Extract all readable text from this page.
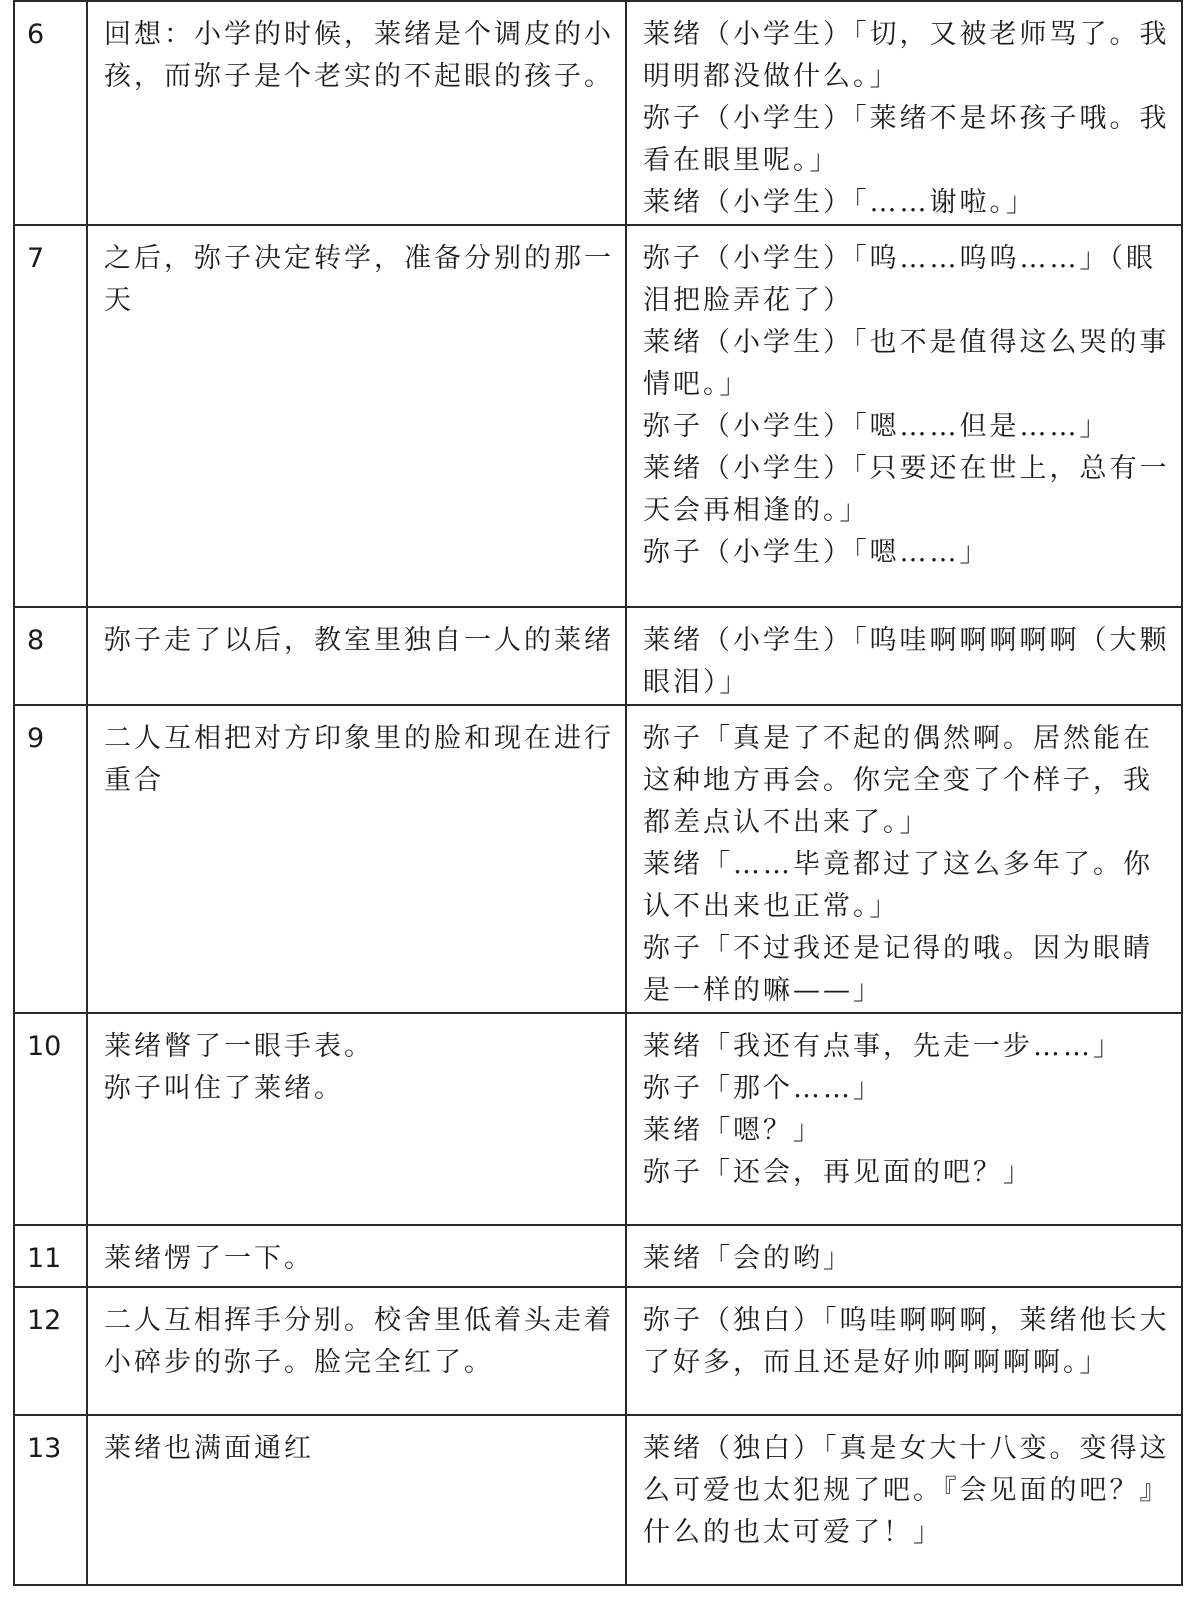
6	回想：小学的时候，莱绪是个调皮的小孩，而弥子是个老实的不起眼的孩子。	莱绪（小学生）「切，又被老师骂了。我明明都没做什么。」
弥子（小学生）「莱绪不是坏孩子哦。我看在眼里呢。」
莱绪（小学生）「……谢啦。」

7	之后，弥子决定转学，准备分别的那一天	弥子（小学生）「呜……呜呜……」（眼泪把脸弄花了）
莱绪（小学生）「也不是值得这么哭的事情吧。」
弥子（小学生）「嗯……但是……」
莱绪（小学生）「只要还在世上，总有一天会再相逢的。」
弥子（小学生）「嗯……」

8	弥子走了以后，教室里独自一人的莱绪	莱绪（小学生）「呜哇啊啊啊啊啊（大颗眼泪）」

9	二人互相把对方印象里的脸和现在进行重合	弥子「真是了不起的偶然啊。居然能在这种地方再会。你完全变了个样子，我都差点认不出来了。」
莱绪「……毕竟都过了这么多年了。你认不出来也正常。」
弥子「不过我还是记得的哦。因为眼睛是一样的嘛——」

10	莱绪瞥了一眼手表。
弥子叫住了莱绪。	莱绪「我还有点事，先走一步……」
弥子「那个……」
莱绪「嗯？」
弥子「还会，再见面的吧？」

11	莱绪愣了一下。	莱绪「会的哟」

12	二人互相挥手分别。校舍里低着头走着小碎步的弥子。脸完全红了。	弥子（独白）「呜哇啊啊啊，莱绪他长大了好多，而且还是好帅啊啊啊啊。」

13	莱绪也满面通红	莱绪（独白）「真是女大十八变。变得这么可爱也太犯规了吧。『会见面的吧？』什么的也太可爱了！」
